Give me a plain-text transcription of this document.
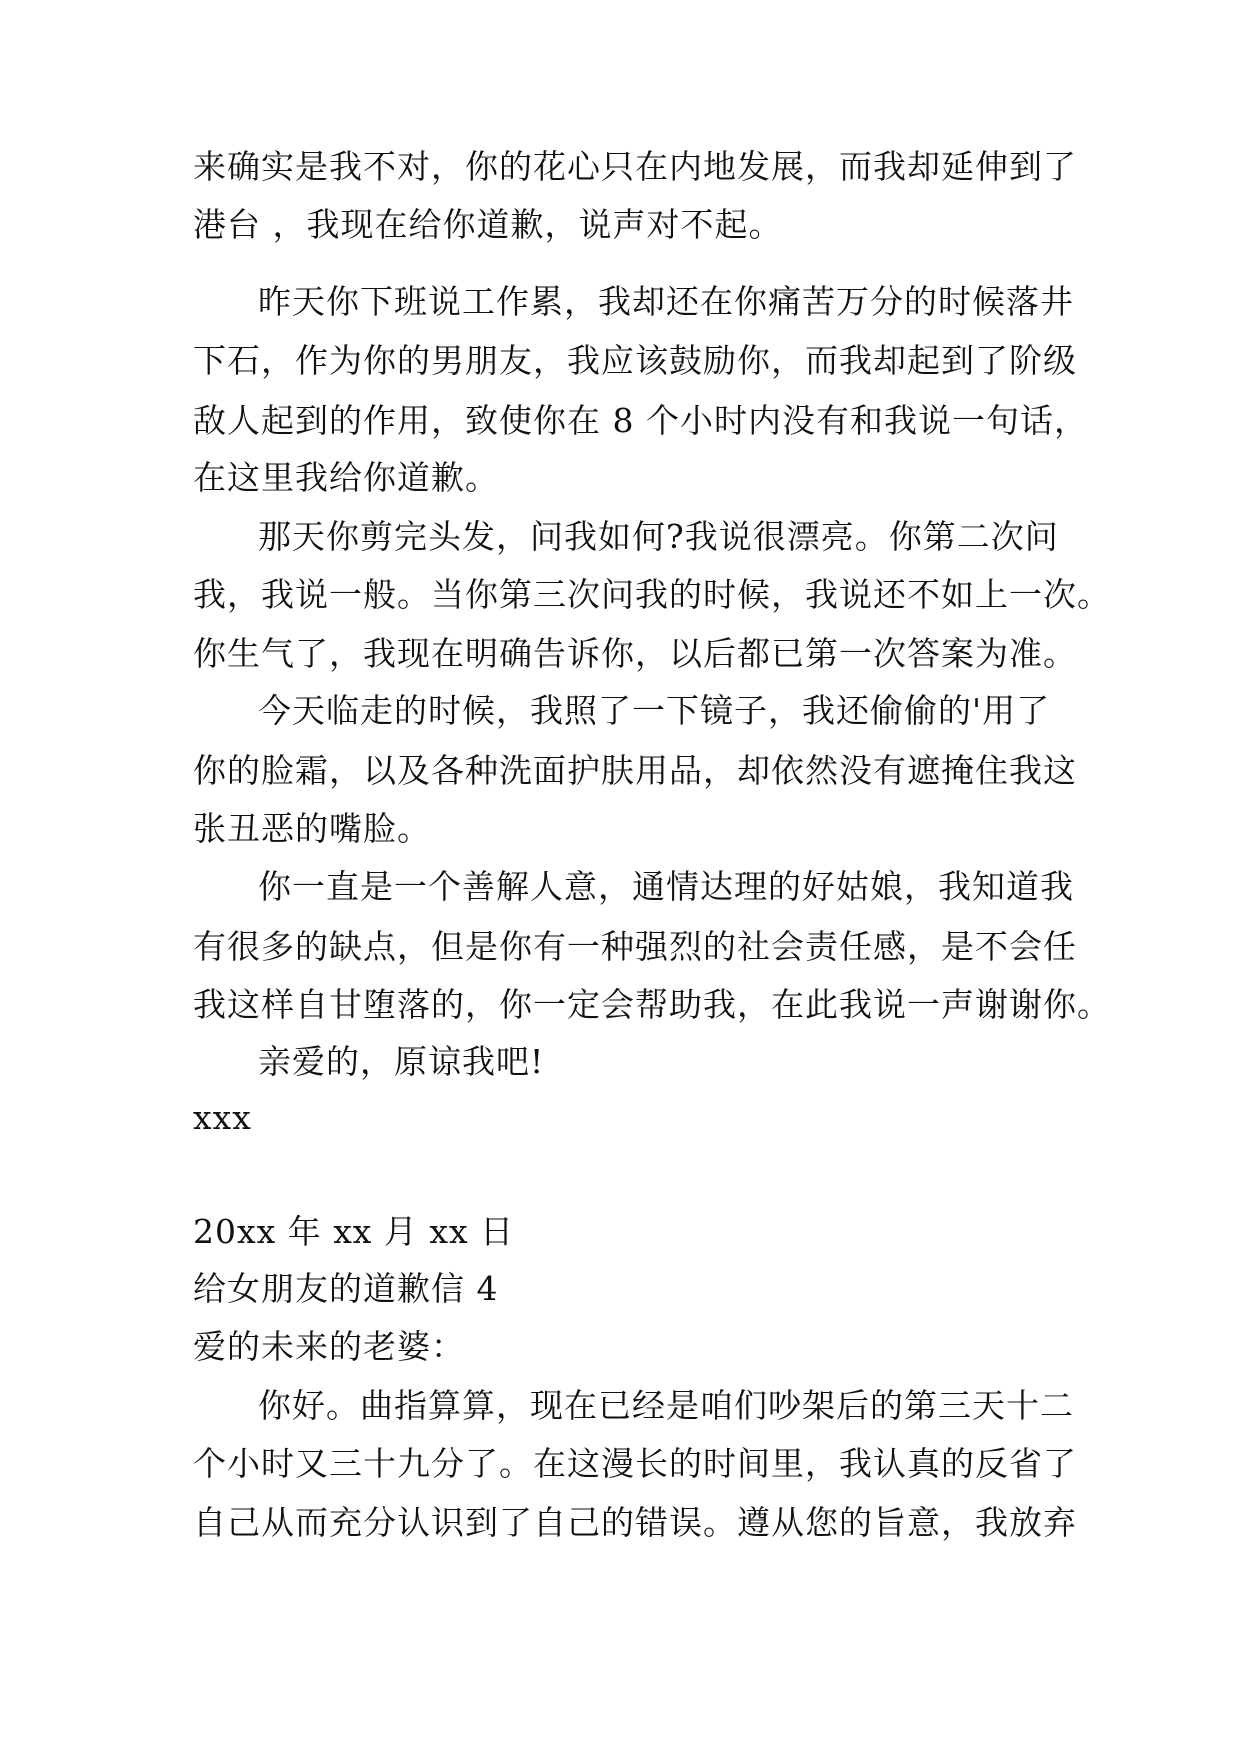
来确实是我不对，你的花心只在内地发展，而我却延伸到了
港台 ，我现在给你道歉，说声对不起。
昨天你下班说工作累，我却还在你痛苦万分的时候落井
下石，作为你的男朋友，我应该鼓励你，而我却起到了阶级
敌人起到的作用，致使你在 8 个小时内没有和我说一句话，
在这里我给你道歉。
那天你剪完头发，问我如何?我说很漂亮。你第二次问
我，我说一般。当你第三次问我的时候，我说还不如上一次。
你生气了，我现在明确告诉你，以后都已第一次答案为准。
今天临走的时候，我照了一下镜子，我还偷偷的'用了
你的脸霜，以及各种洗面护肤用品，却依然没有遮掩住我这
张丑恶的嘴脸。
你一直是一个善解人意，通情达理的好姑娘，我知道我
有很多的缺点，但是你有一种强烈的社会责任感，是不会任
我这样自甘堕落的，你一定会帮助我，在此我说一声谢谢你。
亲爱的，原谅我吧!
xxx
20xx 年 xx 月 xx 日
给女朋友的道歉信 4
爱的未来的老婆：
你好。曲指算算，现在已经是咱们吵架后的第三天十二
个小时又三十九分了。在这漫长的时间里，我认真的反省了
自己从而充分认识到了自己的错误。遵从您的旨意，我放弃
